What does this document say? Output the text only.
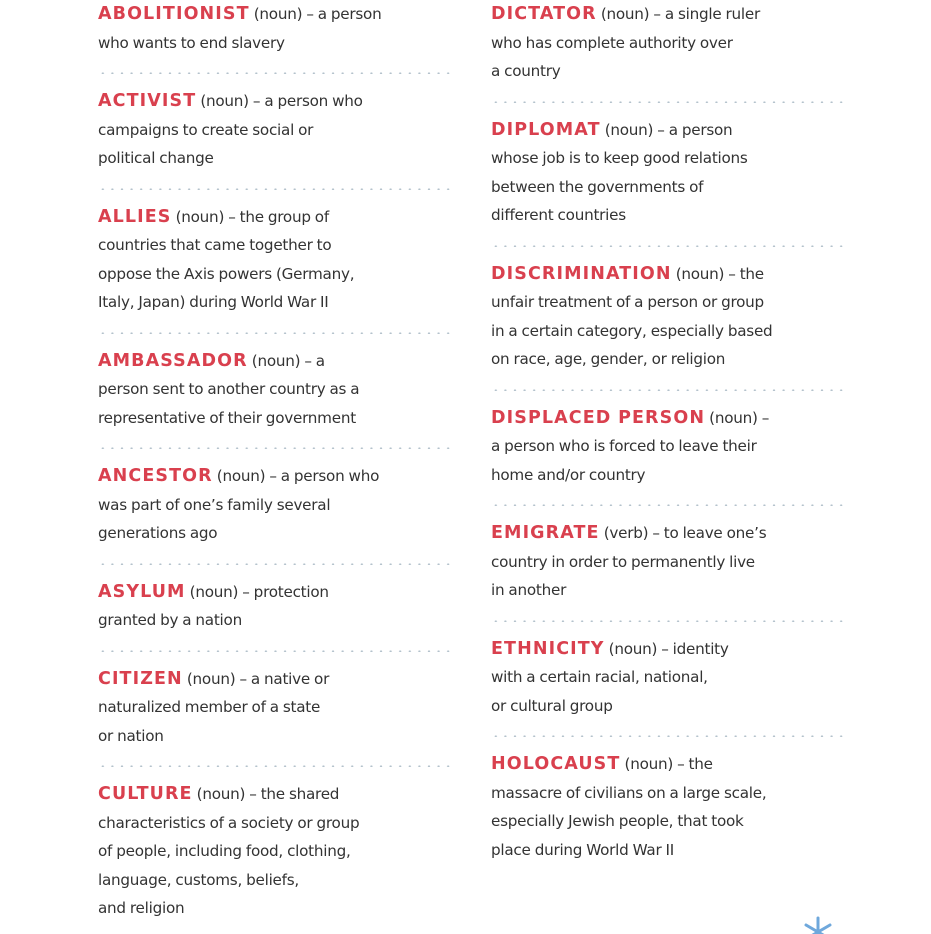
ABOLITIONIST (noun) – a person
who wants to end slavery
ACTIVIST (noun) – a person who
campaigns to create social or
political change
ALLIES (noun) – the group of
countries that came together to
oppose the Axis powers (Germany,
Italy, Japan) during World War II
AMBASSADOR (noun) – a
person sent to another country as a
representative of their government
ANCESTOR (noun) – a person who
was part of one’s family several
generations ago
ASYLUM (noun) – protection
granted by a nation
CITIZEN (noun) – a native or
naturalized member of a state
or nation
CULTURE (noun) – the shared
characteristics of a society or group
of people, including food, clothing,
language, customs, beliefs,
and religion
DICTATOR (noun) – a single ruler
who has complete authority over
a country
DIPLOMAT (noun) – a person
whose job is to keep good relations
between the governments of
different countries
DISCRIMINATION (noun) – the
unfair treatment of a person or group
in a certain category, especially based
on race, age, gender, or religion
DISPLACED PERSON (noun) –
a person who is forced to leave their
home and/or country
EMIGRATE (verb) – to leave one’s
country in order to permanently live
in another
ETHNICITY (noun) – identity
with a certain racial, national,
or cultural group
HOLOCAUST (noun) – the
massacre of civilians on a large scale,
especially Jewish people, that took
place during World War II
